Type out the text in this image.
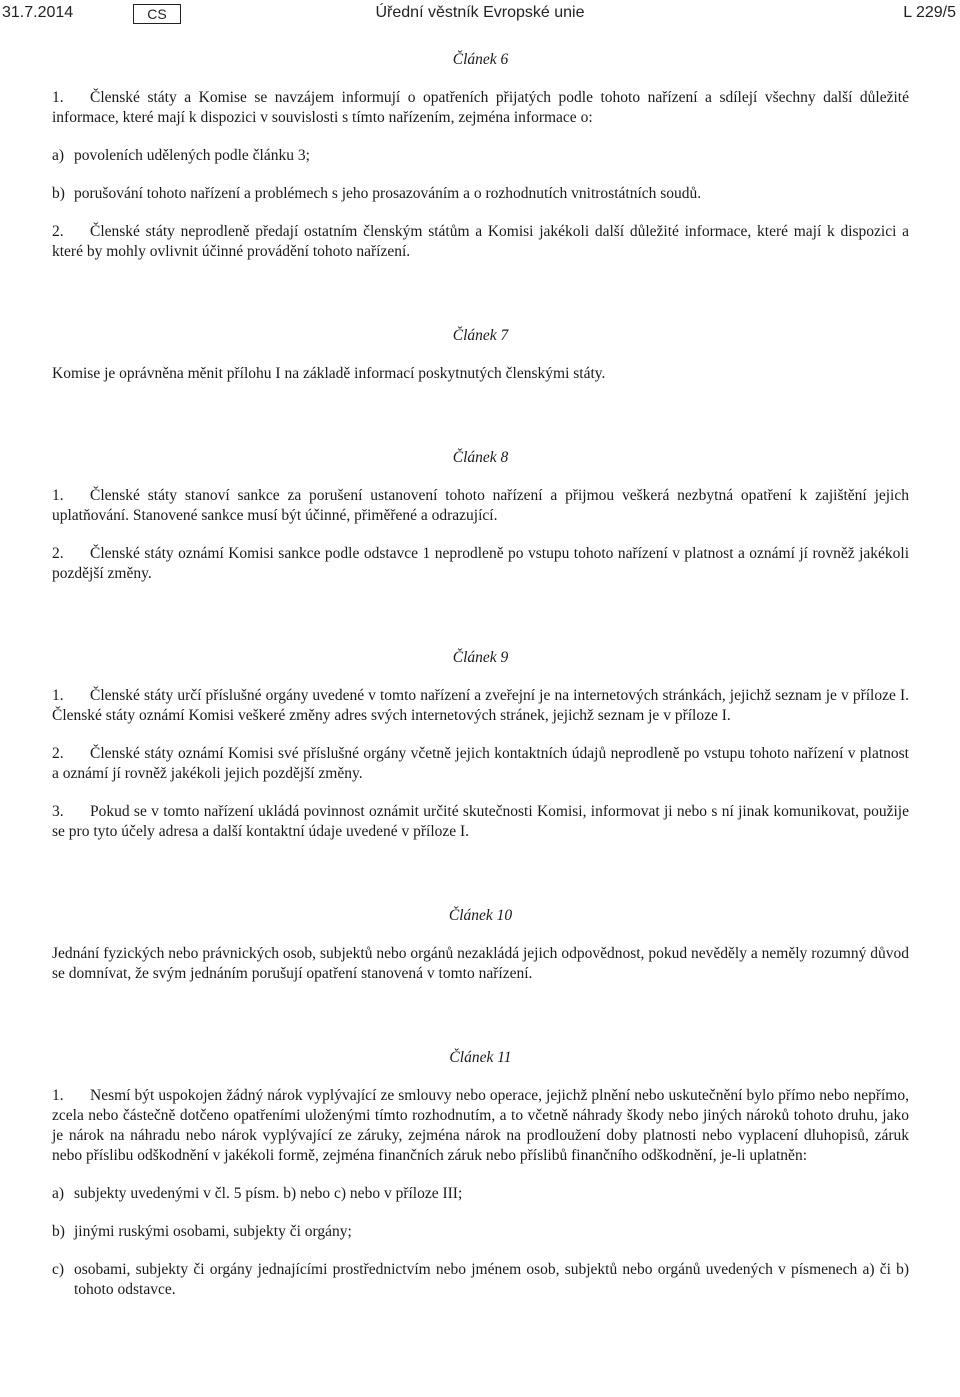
31.7.2014	CS	Úřední věstník Evropské unie	L 229/5
Článek 6

1. Členské státy a Komise se navzájem informují o opatřeních přijatých podle tohoto nařízení a sdílejí všechny další důležité informace, které mají k dispozici v souvislosti s tímto nařízením, zejména informace o:

a) povoleních udělených podle článku 3;
b) porušování tohoto nařízení a problémech s jeho prosazováním a o rozhodnutích vnitrostátních soudů.

2. Členské státy neprodleně předají ostatním členským státům a Komisi jakékoli další důležité informace, které mají k dispozici a které by mohly ovlivnit účinné provádění tohoto nařízení.

Článek 7

Komise je oprávněna měnit přílohu I na základě informací poskytnutých členskými státy.

Článek 8

1. Členské státy stanoví sankce za porušení ustanovení tohoto nařízení a přijmou veškerá nezbytná opatření k zajištění jejich uplatňování. Stanovené sankce musí být účinné, přiměřené a odrazující.

2. Členské státy oznámí Komisi sankce podle odstavce 1 neprodleně po vstupu tohoto nařízení v platnost a oznámí jí rovněž jakékoli pozdější změny.

Článek 9

1. Členské státy určí příslušné orgány uvedené v tomto nařízení a zveřejní je na internetových stránkách, jejichž seznam je v příloze I. Členské státy oznámí Komisi veškeré změny adres svých internetových stránek, jejichž seznam je v příloze I.

2. Členské státy oznámí Komisi své příslušné orgány včetně jejich kontaktních údajů neprodleně po vstupu tohoto nařízení v platnost a oznámí jí rovněž jakékoli jejich pozdější změny.

3. Pokud se v tomto nařízení ukládá povinnost oznámit určité skutečnosti Komisi, informovat ji nebo s ní jinak komunikovat, použije se pro tyto účely adresa a další kontaktní údaje uvedené v příloze I.

Článek 10

Jednání fyzických nebo právnických osob, subjektů nebo orgánů nezakládá jejich odpovědnost, pokud nevěděly a neměly rozumný důvod se domnívat, že svým jednáním porušují opatření stanovená v tomto nařízení.

Článek 11

1. Nesmí být uspokojen žádný nárok vyplývající ze smlouvy nebo operace, jejichž plnění nebo uskutečnění bylo přímo nebo nepřímo, zcela nebo částečně dotčeno opatřeními uloženými tímto rozhodnutím, a to včetně náhrady škody nebo jiných nároků tohoto druhu, jako je nárok na náhradu nebo nárok vyplývající ze záruky, zejména nárok na prodloužení doby platnosti nebo vyplacení dluhopisů, záruk nebo příslibu odškodnění v jakékoli formě, zejména finančních záruk nebo příslibů finančního odškodnění, je-li uplatněn:

a) subjekty uvedenými v čl. 5 písm. b) nebo c) nebo v příloze III;
b) jinými ruskými osobami, subjekty či orgány;
c) osobami, subjekty či orgány jednajícími prostřednictvím nebo jménem osob, subjektů nebo orgánů uvedených v písmenech a) či b) tohoto odstavce.
